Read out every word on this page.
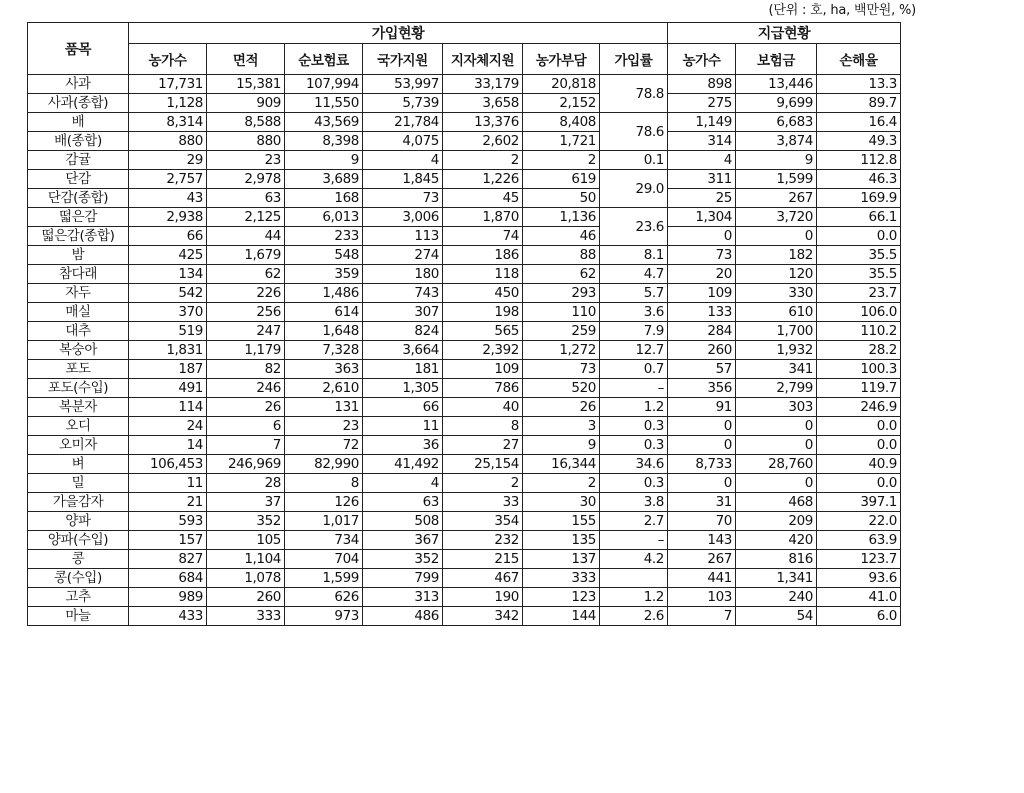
(단위 : 호, ha, 백만원, %)
품목	가입현황							지급현황		
	농가수	면적	순보험료	국가지원	지자체지원	농가부담	가입률	농가수	보험금	손해율
사과	17,731	15,381	107,994	53,997	33,179	20,818	78.8	898	13,446	13.3
사과(종합)	1,128	909	11,550	5,739	3,658	2,152		275	9,699	89.7
배	8,314	8,588	43,569	21,784	13,376	8,408	78.6	1,149	6,683	16.4
배(종합)	880	880	8,398	4,075	2,602	1,721		314	3,874	49.3
감귤	29	23	9	4	2	2	0.1	4	9	112.8
단감	2,757	2,978	3,689	1,845	1,226	619	29.0	311	1,599	46.3
단감(종합)	43	63	168	73	45	50		25	267	169.9
떫은감	2,938	2,125	6,013	3,006	1,870	1,136	23.6	1,304	3,720	66.1
떫은감(종합)	66	44	233	113	74	46		0	0	0.0
밤	425	1,679	548	274	186	88	8.1	73	182	35.5
참다래	134	62	359	180	118	62	4.7	20	120	35.5
자두	542	226	1,486	743	450	293	5.7	109	330	23.7
매실	370	256	614	307	198	110	3.6	133	610	106.0
대추	519	247	1,648	824	565	259	7.9	284	1,700	110.2
복숭아	1,831	1,179	7,328	3,664	2,392	1,272	12.7	260	1,932	28.2
포도	187	82	363	181	109	73	0.7	57	341	100.3
포도(수입)	491	246	2,610	1,305	786	520	–	356	2,799	119.7
복분자	114	26	131	66	40	26	1.2	91	303	246.9
오디	24	6	23	11	8	3	0.3	0	0	0.0
오미자	14	7	72	36	27	9	0.3	0	0	0.0
벼	106,453	246,969	82,990	41,492	25,154	16,344	34.6	8,733	28,760	40.9
밀	11	28	8	4	2	2	0.3	0	0	0.0
가을감자	21	37	126	63	33	30	3.8	31	468	397.1
양파	593	352	1,017	508	354	155	2.7	70	209	22.0
양파(수입)	157	105	734	367	232	135	–	143	420	63.9
콩	827	1,104	704	352	215	137	4.2	267	816	123.7
콩(수입)	684	1,078	1,599	799	467	333		441	1,341	93.6
고추	989	260	626	313	190	123	1.2	103	240	41.0
마늘	433	333	973	486	342	144	2.6	7	54	6.0
